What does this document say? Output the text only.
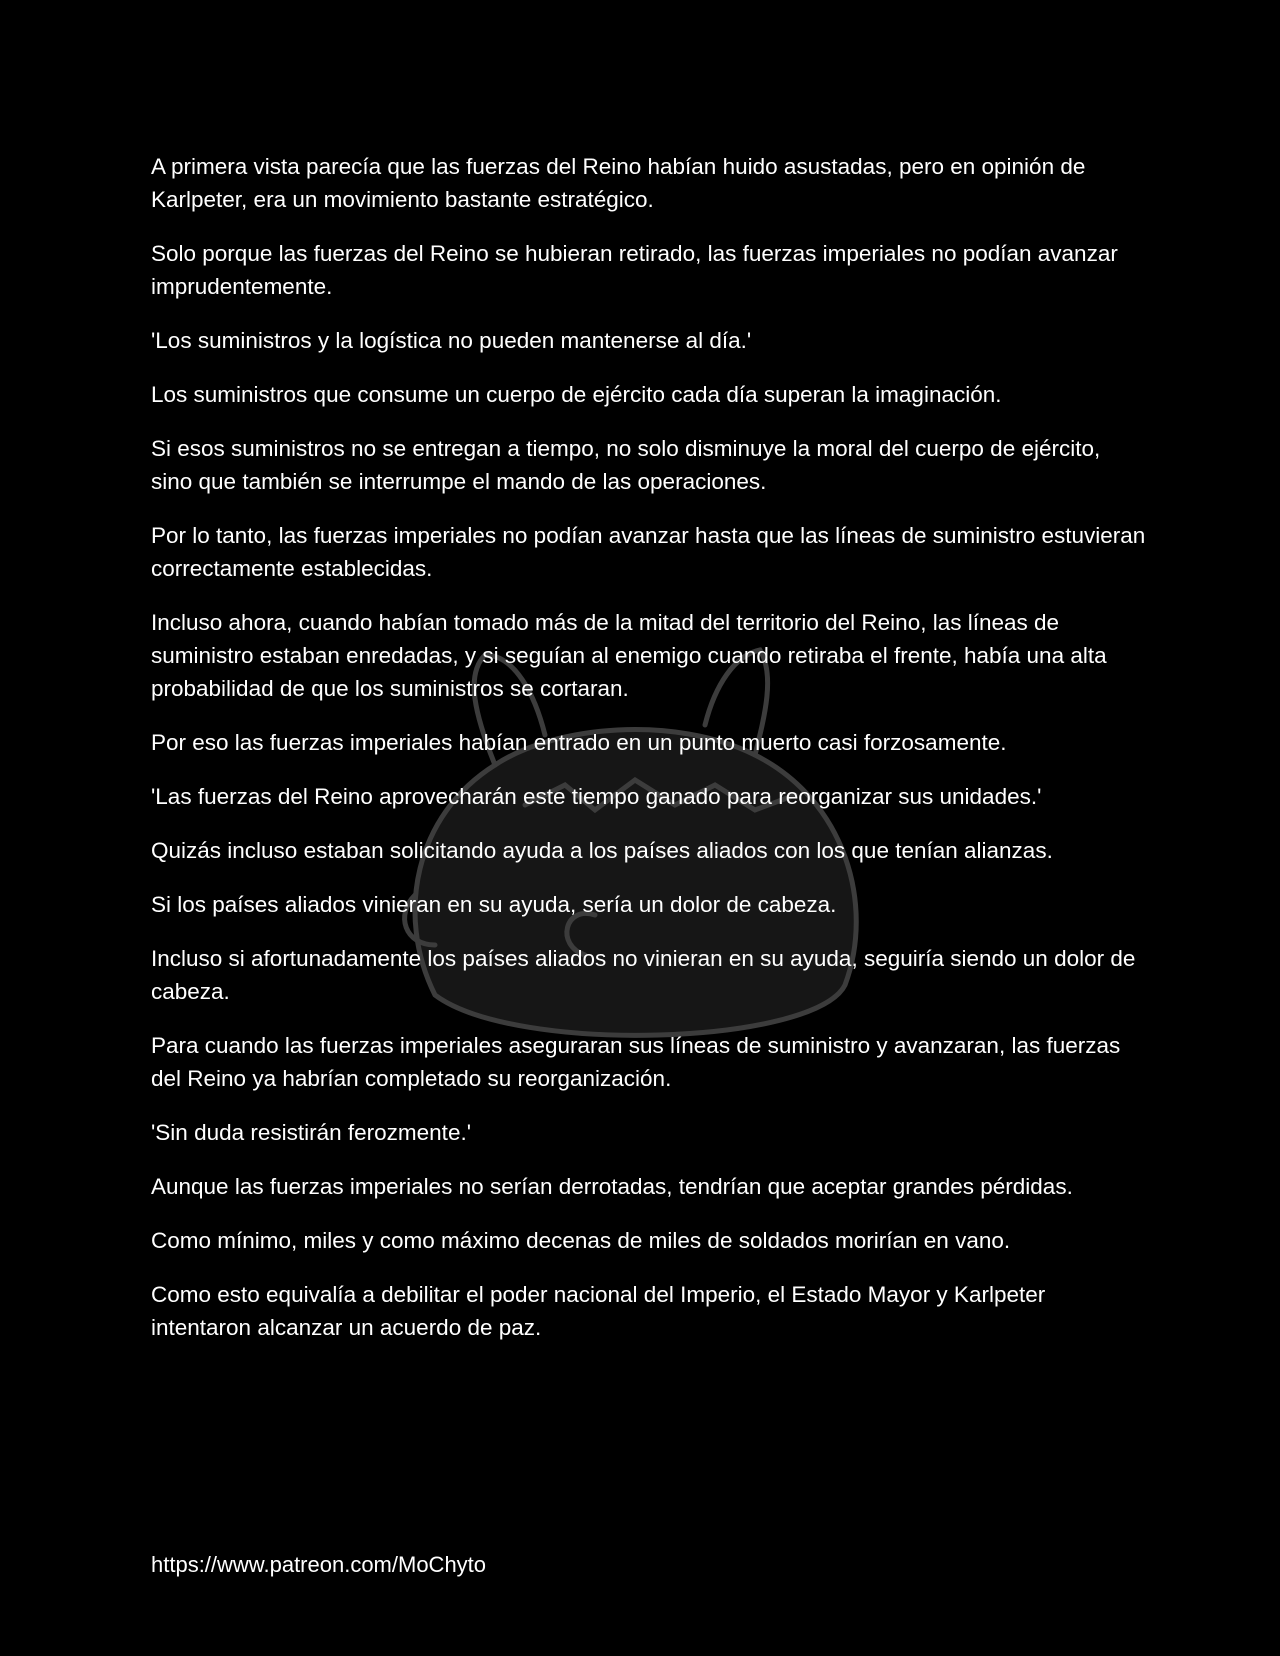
A primera vista parecía que las fuerzas del Reino habían huido asustadas, pero en opinión de Karlpeter, era un movimiento bastante estratégico.

Solo porque las fuerzas del Reino se hubieran retirado, las fuerzas imperiales no podían avanzar imprudentemente.

'Los suministros y la logística no pueden mantenerse al día.'

Los suministros que consume un cuerpo de ejército cada día superan la imaginación.

Si esos suministros no se entregan a tiempo, no solo disminuye la moral del cuerpo de ejército, sino que también se interrumpe el mando de las operaciones.

Por lo tanto, las fuerzas imperiales no podían avanzar hasta que las líneas de suministro estuvieran correctamente establecidas.

Incluso ahora, cuando habían tomado más de la mitad del territorio del Reino, las líneas de suministro estaban enredadas, y si seguían al enemigo cuando retiraba el frente, había una alta probabilidad de que los suministros se cortaran.

Por eso las fuerzas imperiales habían entrado en un punto muerto casi forzosamente.

'Las fuerzas del Reino aprovecharán este tiempo ganado para reorganizar sus unidades.'

Quizás incluso estaban solicitando ayuda a los países aliados con los que tenían alianzas.

Si los países aliados vinieran en su ayuda, sería un dolor de cabeza.

Incluso si afortunadamente los países aliados no vinieran en su ayuda, seguiría siendo un dolor de cabeza.

Para cuando las fuerzas imperiales aseguraran sus líneas de suministro y avanzaran, las fuerzas del Reino ya habrían completado su reorganización.

'Sin duda resistirán ferozmente.'

Aunque las fuerzas imperiales no serían derrotadas, tendrían que aceptar grandes pérdidas.

Como mínimo, miles y como máximo decenas de miles de soldados morirían en vano.

Como esto equivalía a debilitar el poder nacional del Imperio, el Estado Mayor y Karlpeter intentaron alcanzar un acuerdo de paz.

https://www.patreon.com/MoChyto
